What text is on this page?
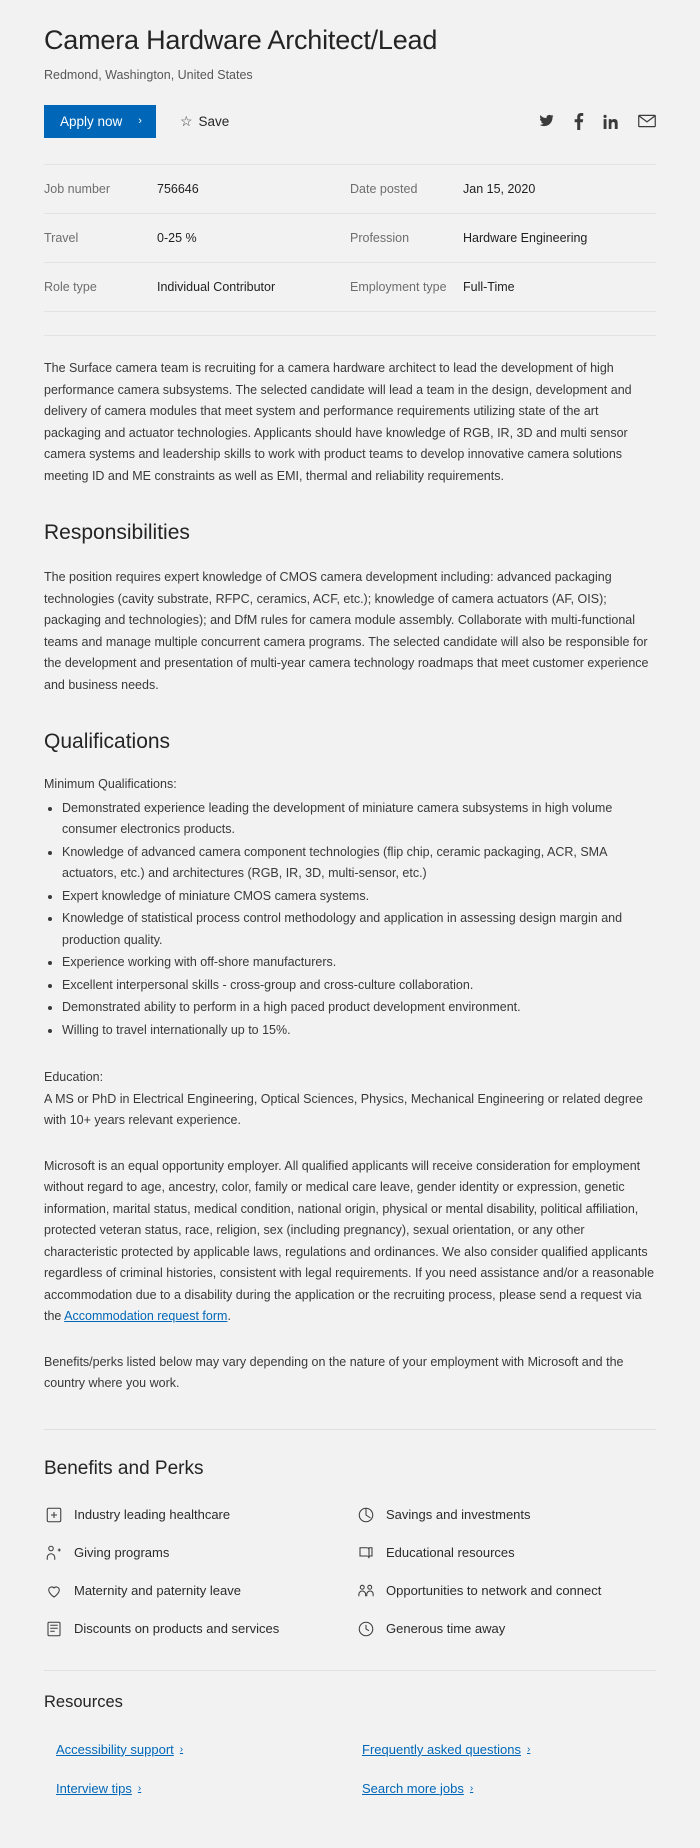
Camera Hardware Architect/Lead
Redmond, Washington, United States
Apply now ›	☆ Save
Job number	756646	Date posted	Jan 15, 2020
Travel	0-25 %	Profession	Hardware Engineering
Role type	Individual Contributor	Employment type	Full-Time

The Surface camera team is recruiting for a camera hardware architect to lead the development of high performance camera subsystems. The selected candidate will lead a team in the design, development and delivery of camera modules that meet system and performance requirements utilizing state of the art packaging and actuator technologies. Applicants should have knowledge of RGB, IR, 3D and multi sensor camera systems and leadership skills to work with product teams to develop innovative camera solutions meeting ID and ME constraints as well as EMI, thermal and reliability requirements.

Responsibilities

The position requires expert knowledge of CMOS camera development including: advanced packaging technologies (cavity substrate, RFPC, ceramics, ACF, etc.); knowledge of camera actuators (AF, OIS); packaging and technologies); and DfM rules for camera module assembly. Collaborate with multi-functional teams and manage multiple concurrent camera programs. The selected candidate will also be responsible for the development and presentation of multi-year camera technology roadmaps that meet customer experience and business needs.

Qualifications
Minimum Qualifications:
• Demonstrated experience leading the development of miniature camera subsystems in high volume consumer electronics products.
• Knowledge of advanced camera component technologies (flip chip, ceramic packaging, ACR, SMA actuators, etc.) and architectures (RGB, IR, 3D, multi-sensor, etc.)
• Expert knowledge of miniature CMOS camera systems.
• Knowledge of statistical process control methodology and application in assessing design margin and production quality.
• Experience working with off-shore manufacturers.
• Excellent interpersonal skills - cross-group and cross-culture collaboration.
• Demonstrated ability to perform in a high paced product development environment.
• Willing to travel internationally up to 15%.
Education:
A MS or PhD in Electrical Engineering, Optical Sciences, Physics, Mechanical Engineering or related degree with 10+ years relevant experience.

Microsoft is an equal opportunity employer. All qualified applicants will receive consideration for employment without regard to age, ancestry, color, family or medical care leave, gender identity or expression, genetic information, marital status, medical condition, national origin, physical or mental disability, political affiliation, protected veteran status, race, religion, sex (including pregnancy), sexual orientation, or any other characteristic protected by applicable laws, regulations and ordinances. We also consider qualified applicants regardless of criminal histories, consistent with legal requirements. If you need assistance and/or a reasonable accommodation due to a disability during the application or the recruiting process, please send a request via the Accommodation request form.

Benefits/perks listed below may vary depending on the nature of your employment with Microsoft and the country where you work.

Benefits and Perks
Industry leading healthcare	Savings and investments
Giving programs	Educational resources
Maternity and paternity leave	Opportunities to network and connect
Discounts on products and services	Generous time away
Resources
Accessibility support ›	Frequently asked questions ›
Interview tips ›	Search more jobs ›
